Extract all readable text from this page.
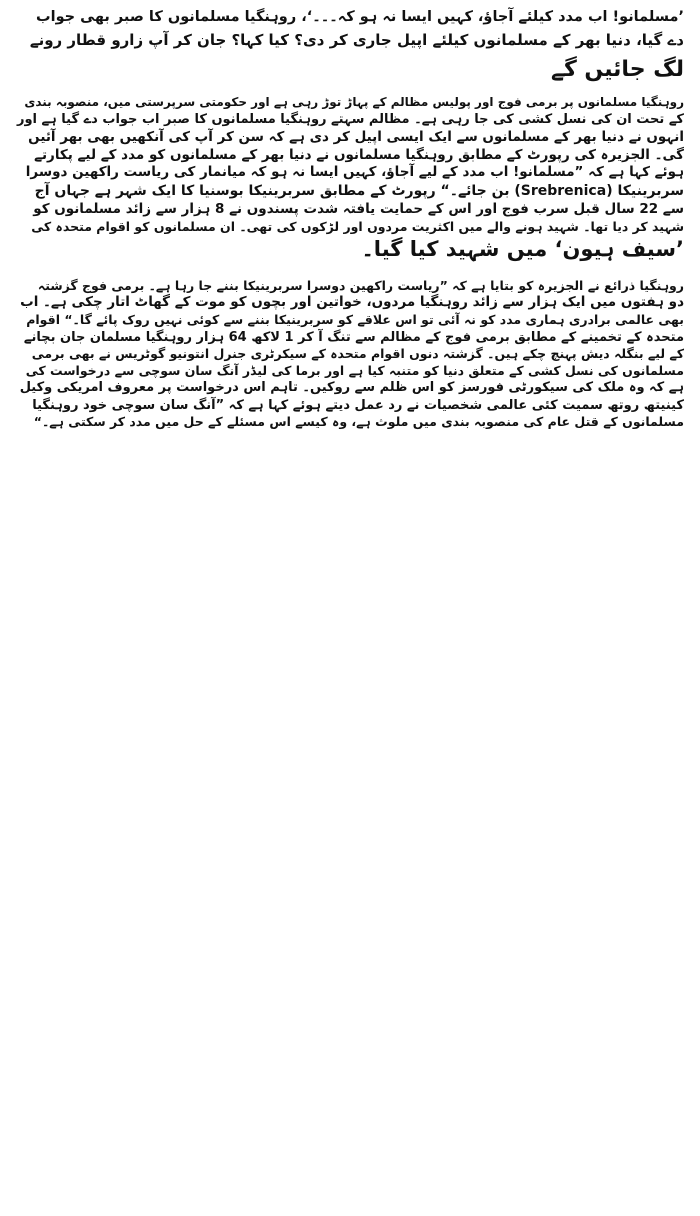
’مسلمانو! اب مدد کیلئے آجاؤ، کہیں ایسا نہ ہو کہ۔۔۔‘، روہنگیا مسلمانوں کا صبر بھی جواب
دے گیا، دنیا بھر کے مسلمانوں کیلئے اپیل جاری کر دی؟ کیا کہا؟ جان کر آپ زارو قطار رونے
لگ جائیں گے
روہنگیا مسلمانوں پر برمی فوج اور پولیس مظالم کے پہاڑ توڑ رہی ہے اور حکومتی سرپرستی میں، منصوبہ بندی
کے تحت ان کی نسل کشی کی جا رہی ہے۔ مظالم سہتے روہنگیا مسلمانوں کا صبر اب جواب دے گیا ہے اور
انہوں نے دنیا بھر کے مسلمانوں سے ایک ایسی اپیل کر دی ہے کہ سن کر آپ کی آنکھیں بھی بھر آئیں
گی۔ الجزیرہ کی رپورٹ کے مطابق روہنگیا مسلمانوں نے دنیا بھر کے مسلمانوں کو مدد کے لیے پکارتے
ہوئے کہا ہے کہ ”مسلمانو! اب مدد کے لیے آجاؤ، کہیں ایسا نہ ہو کہ میانمار کی ریاست راکھین دوسرا
سربرینیکا (Srebrenica) بن جائے۔“ رپورٹ کے مطابق سربرینیکا بوسنیا کا ایک شہر ہے جہاں آج
سے 22 سال قبل سرب فوج اور اس کے حمایت یافتہ شدت پسندوں نے 8 ہزار سے زائد مسلمانوں کو
شہید کر دیا تھا۔ شہید ہونے والے میں اکثریت مردوں اور لڑکوں کی تھی۔ ان مسلمانوں کو اقوام متحدہ کی
’سیف ہیون‘ میں شہید کیا گیا۔
روہنگیا ذرائع نے الجزیرہ کو بتایا ہے کہ ”ریاست راکھین دوسرا سربرینیکا بننے جا رہا ہے۔ برمی فوج گزشتہ
دو ہفتوں میں ایک ہزار سے زائد روہنگیا مردوں، خواتین اور بچوں کو موت کے گھاٹ اتار چکی ہے۔ اب
بھی عالمی برادری ہماری مدد کو نہ آئی تو اس علاقے کو سربرینیکا بننے سے کوئی نہیں روک پائے گا۔“ اقوام
متحدہ کے تخمینے کے مطابق برمی فوج کے مظالم سے تنگ آ کر 1 لاکھ 64 ہزار روہنگیا مسلمان جان بچانے
کے لیے بنگلہ دیش پہنچ چکے ہیں۔ گزشتہ دنوں اقوام متحدہ کے سیکرٹری جنرل انتونیو گوٹریس نے بھی برمی
مسلمانوں کی نسل کشی کے متعلق دنیا کو متنبہ کیا ہے اور برما کی لیڈر آنگ سان سوچی سے درخواست کی
ہے کہ وہ ملک کی سیکورٹی فورسز کو اس ظلم سے روکیں۔ تاہم اس درخواست پر معروف امریکی وکیل
کینیتھ روتھ سمیت کئی عالمی شخصیات نے رد عمل دیتے ہوئے کہا ہے کہ ”آنگ سان سوچی خود روہنگیا
مسلمانوں کے قتل عام کی منصوبہ بندی میں ملوث ہے، وہ کیسے اس مسئلے کے حل میں مدد کر سکتی ہے۔“
